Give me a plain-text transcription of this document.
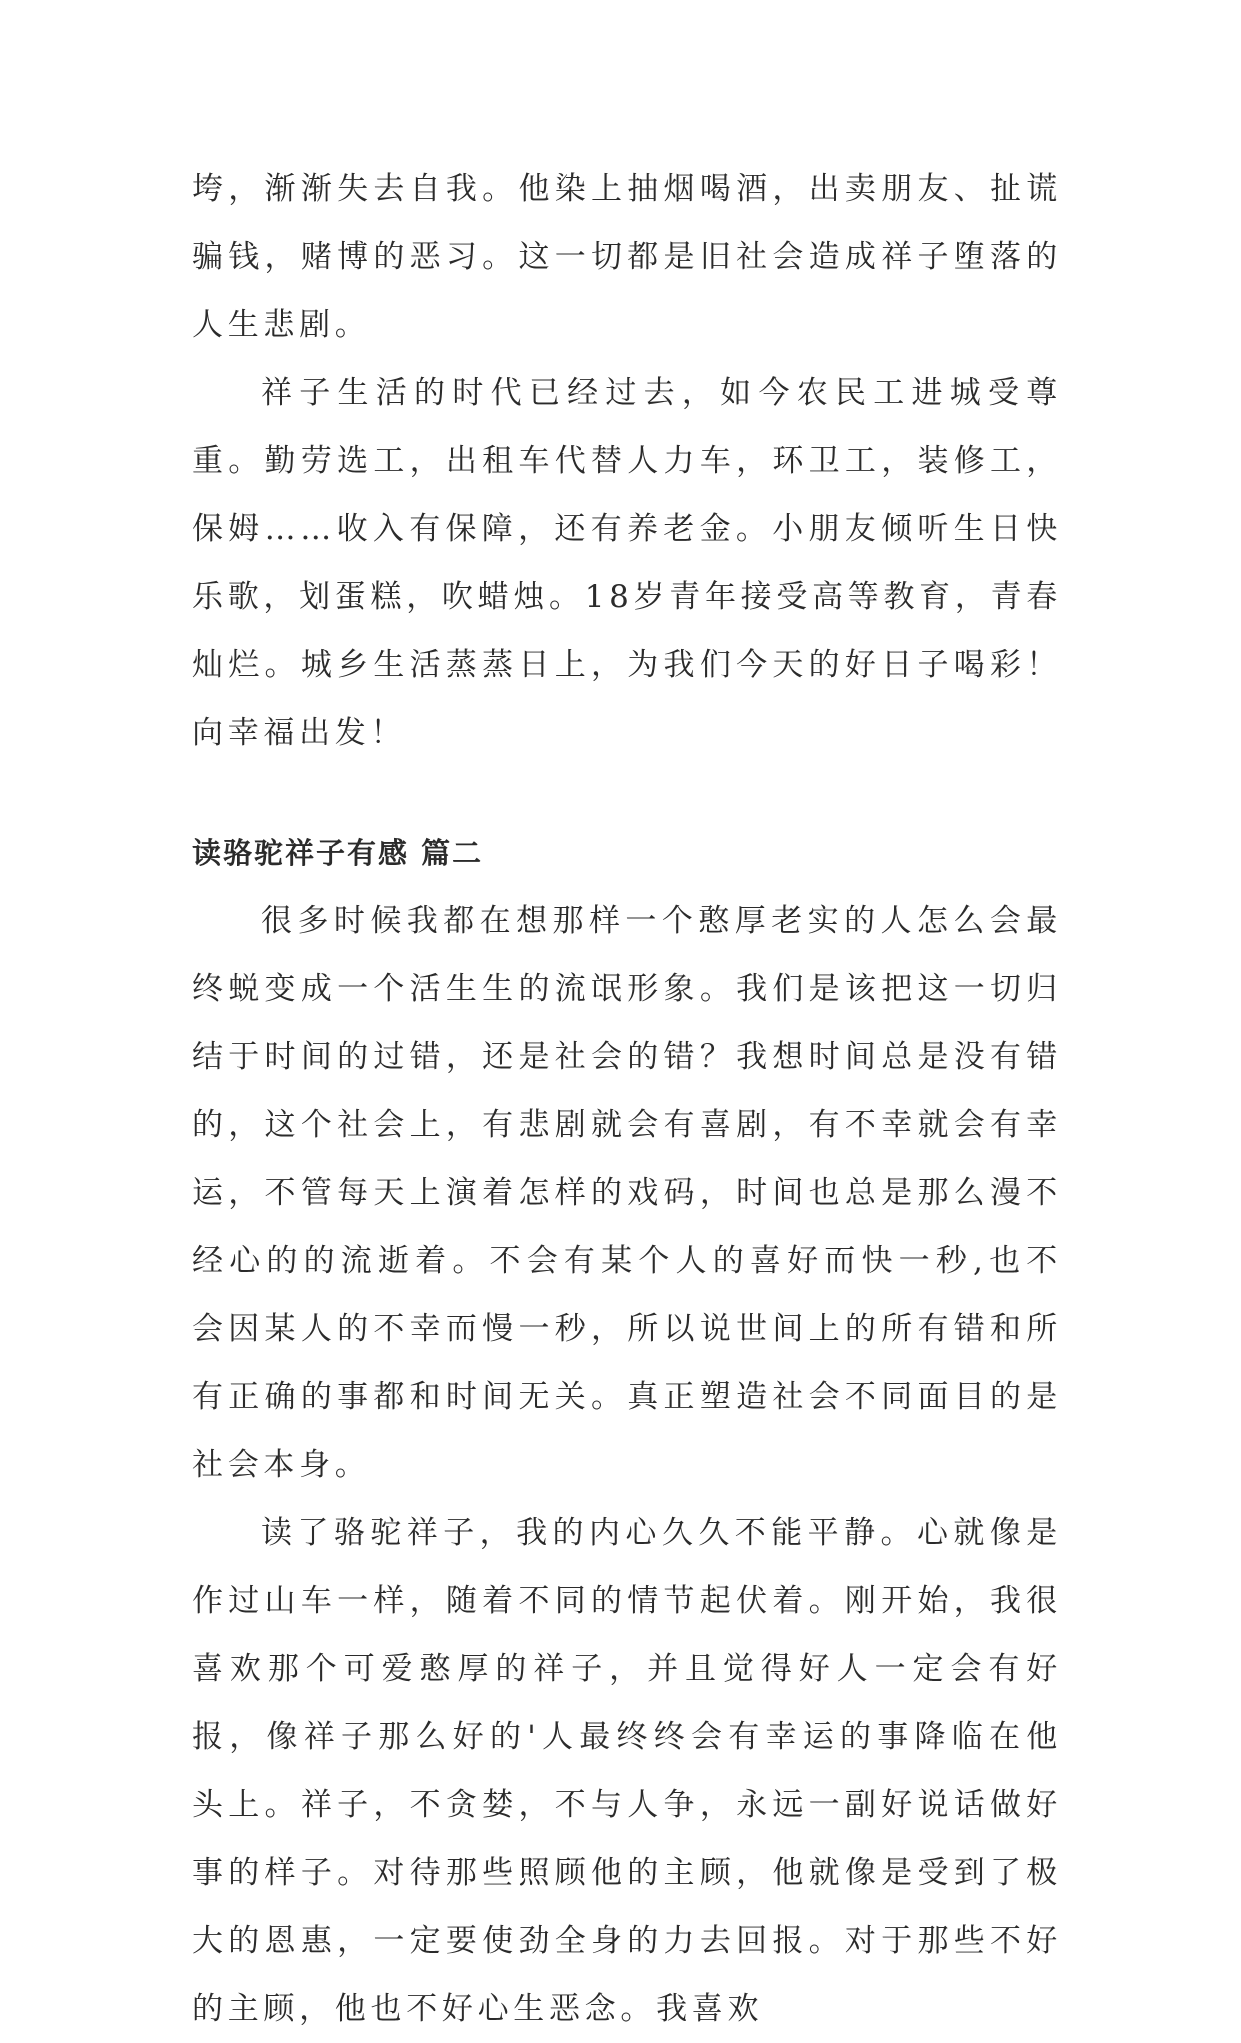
垮，渐渐失去自我。他染上抽烟喝酒，出卖朋友、扯谎骗钱，赌博的恶习。这一切都是旧社会造成祥子堕落的人生悲剧。

祥子生活的时代已经过去，如今农民工进城受尊重。勤劳选工，出租车代替人力车，环卫工，装修工，保姆……收入有保障，还有养老金。小朋友倾听生日快乐歌，划蛋糕，吹蜡烛。18岁青年接受高等教育，青春灿烂。城乡生活蒸蒸日上，为我们今天的好日子喝彩！向幸福出发！

读骆驼祥子有感 篇二

很多时候我都在想那样一个憨厚老实的人怎么会最终蜕变成一个活生生的流氓形象。我们是该把这一切归结于时间的过错，还是社会的错？我想时间总是没有错的，这个社会上，有悲剧就会有喜剧，有不幸就会有幸运，不管每天上演着怎样的戏码，时间也总是那么漫不经心的的流逝着。不会有某个人的喜好而快一秒,也不会因某人的不幸而慢一秒，所以说世间上的所有错和所有正确的事都和时间无关。真正塑造社会不同面目的是社会本身。

读了骆驼祥子，我的内心久久不能平静。心就像是作过山车一样，随着不同的情节起伏着。刚开始，我很喜欢那个可爱憨厚的祥子，并且觉得好人一定会有好报，像祥子那么好的'人最终终会有幸运的事降临在他头上。祥子，不贪婪，不与人争，永远一副好说话做好事的样子。对待那些照顾他的主顾，他就像是受到了极大的恩惠，一定要使劲全身的力去回报。对于那些不好的主顾，他也不好心生恶念。我喜欢
